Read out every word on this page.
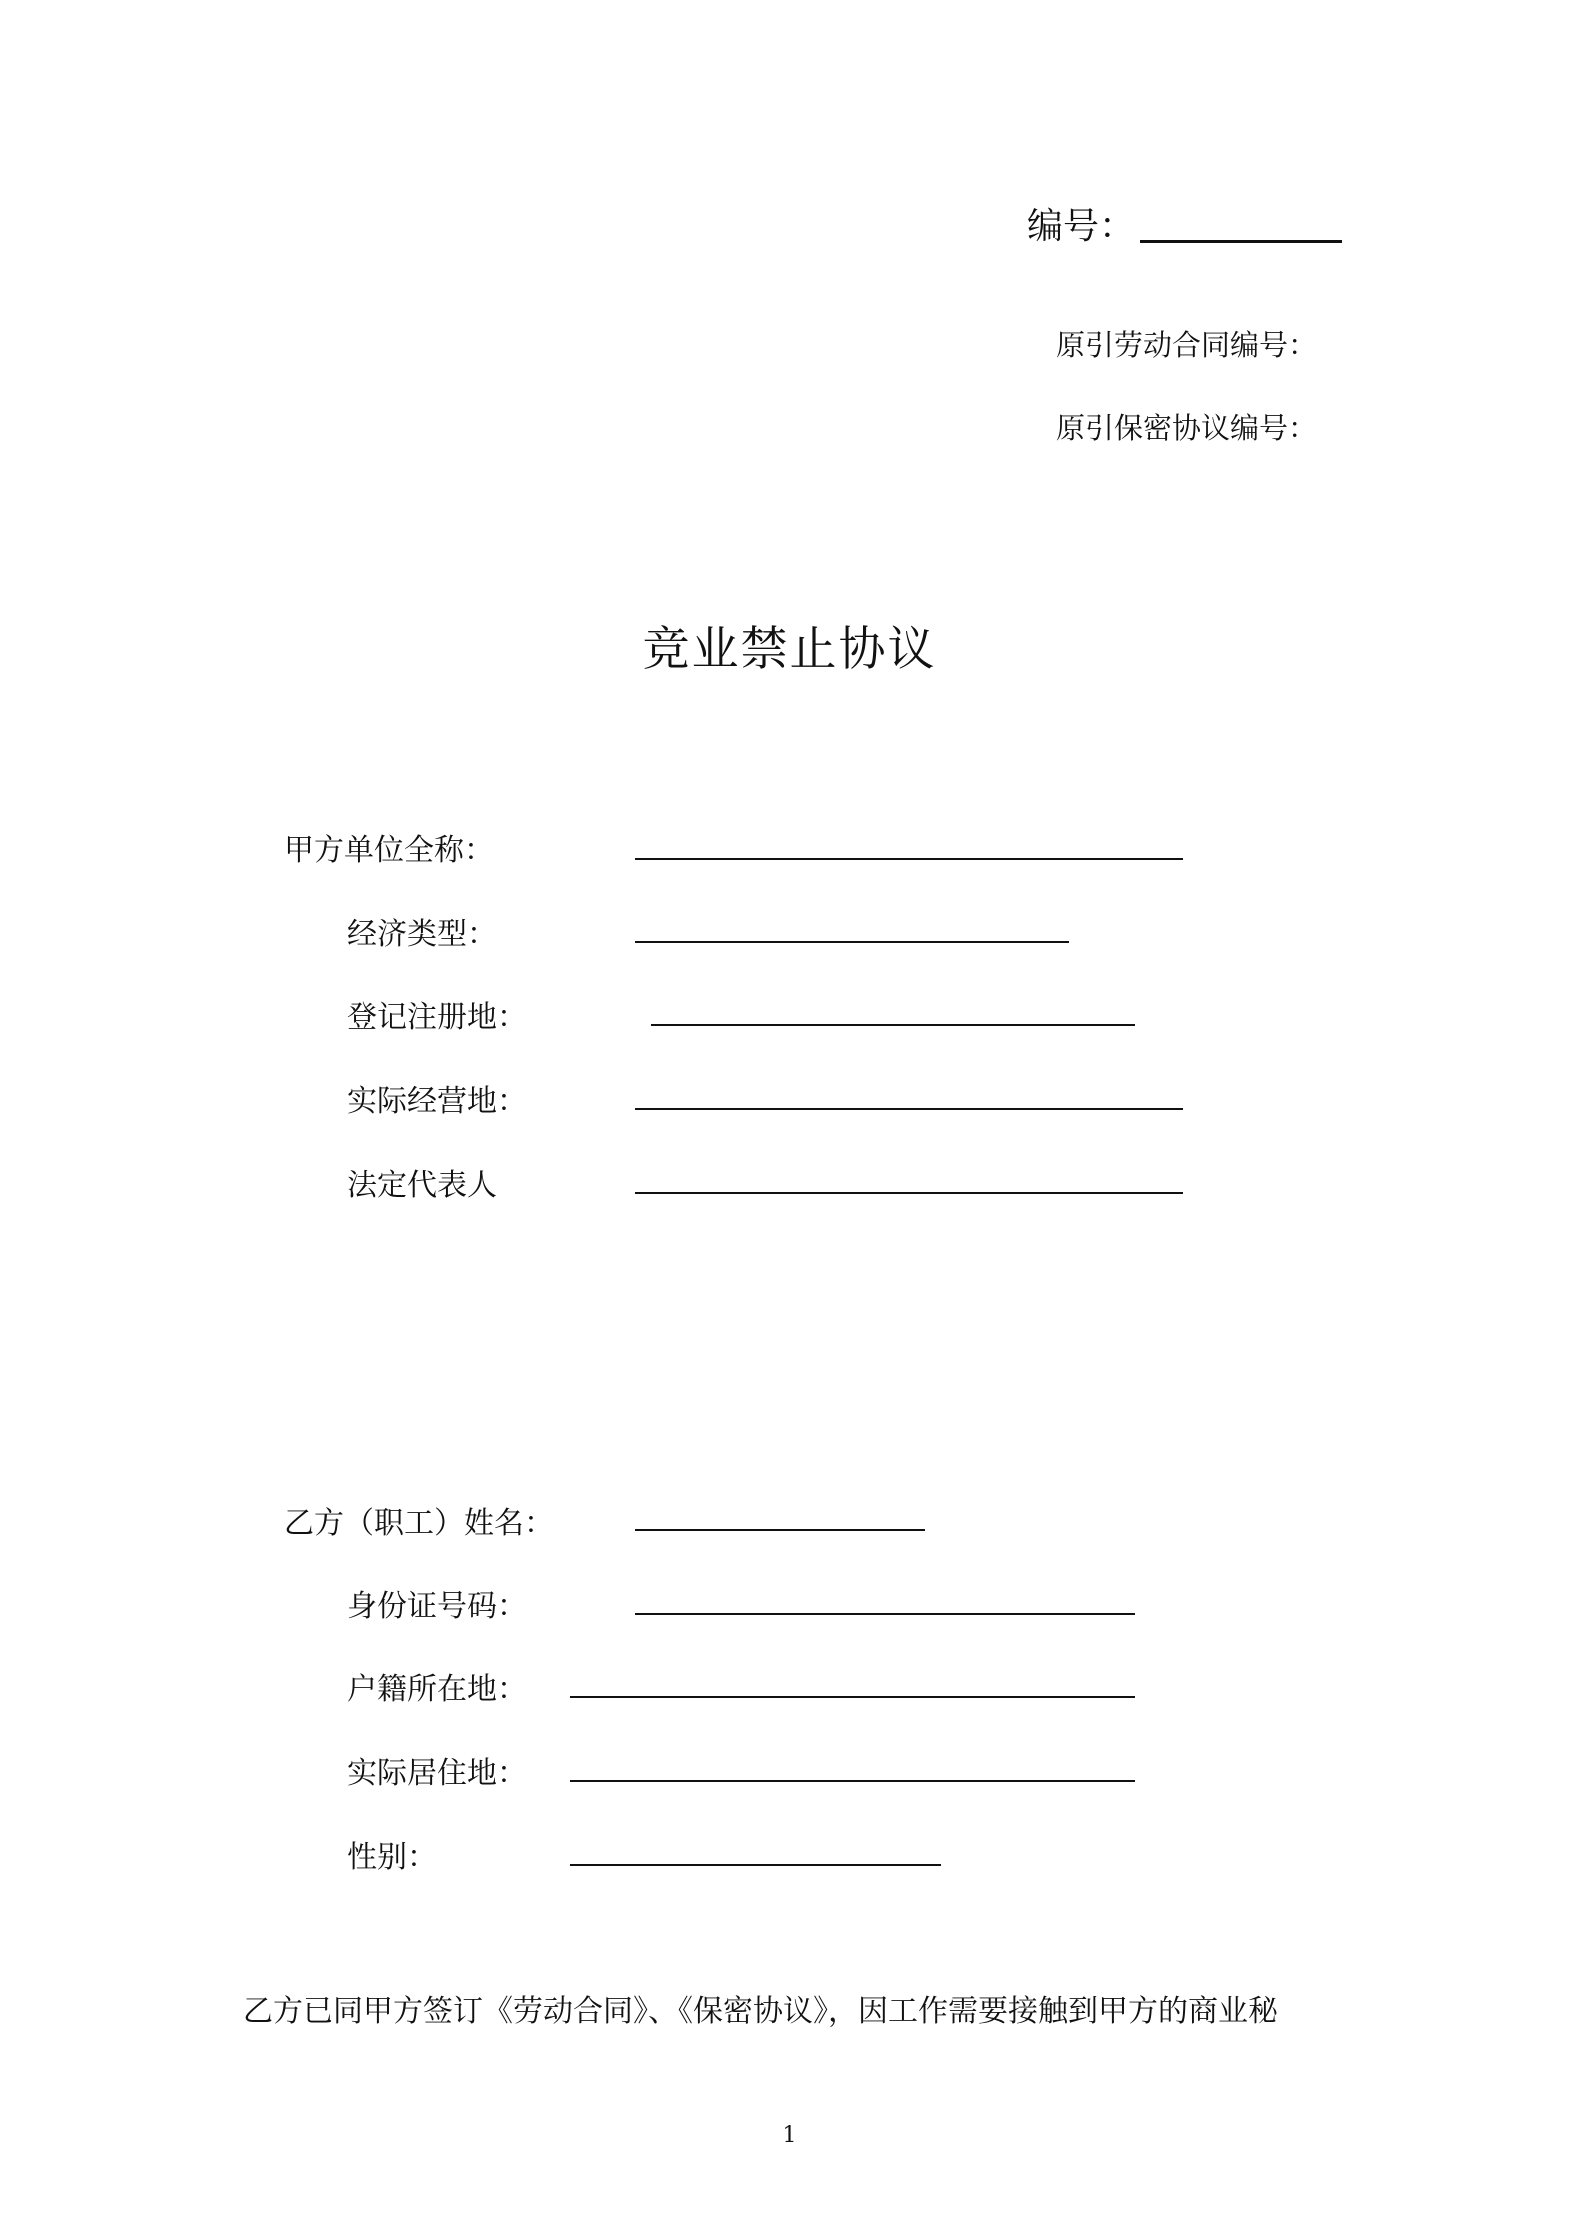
编号：
原引劳动合同编号：
原引保密协议编号：
竞业禁止协议
甲方单位全称：
经济类型：
登记注册地：
实际经营地：
法定代表人
乙方（职工）姓名：
身份证号码：
户籍所在地：
实际居住地：
性别：
乙方已同甲方签订《劳动合同》、《保密协议》，因工作需要接触到甲方的商业秘
1
